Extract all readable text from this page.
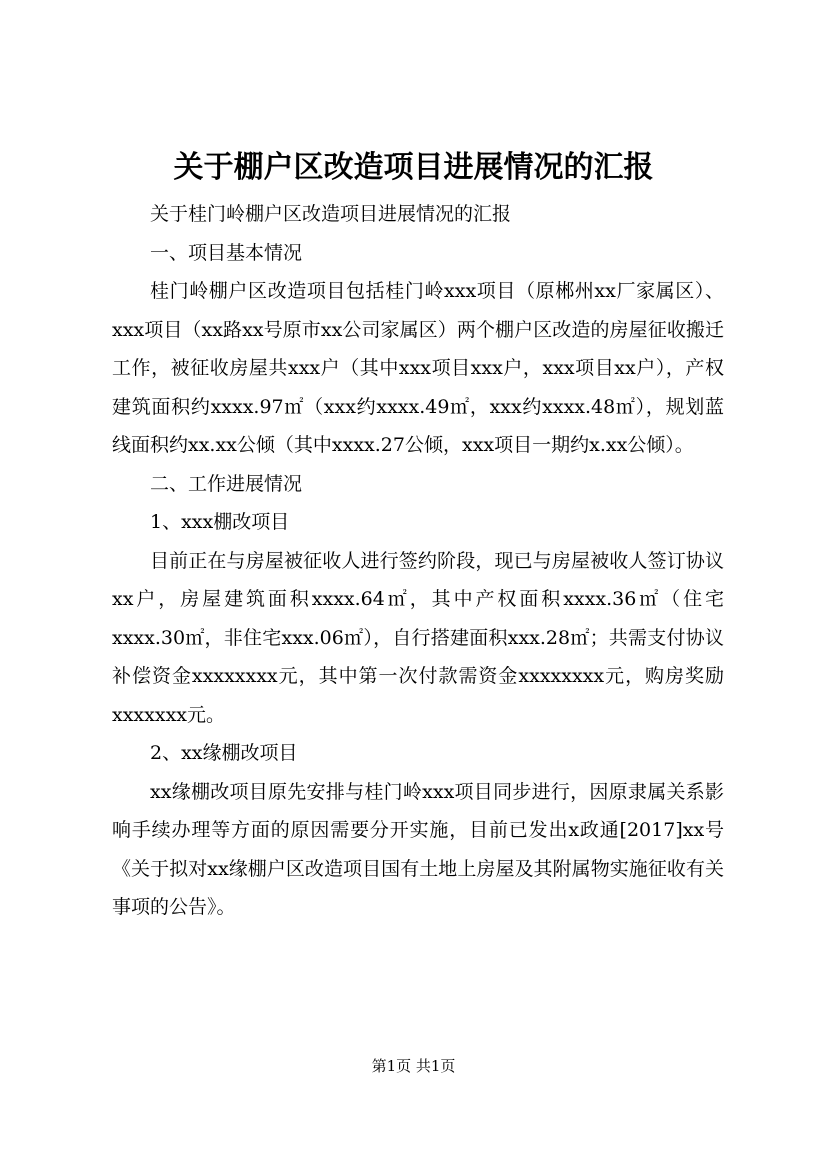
关于棚户区改造项目进展情况的汇报

关于桂门岭棚户区改造项目进展情况的汇报

一、项目基本情况

桂门岭棚户区改造项目包括桂门岭xxx项目（原郴州xx厂家属区）、xxx项目（xx路xx号原市xx公司家属区）两个棚户区改造的房屋征收搬迁工作，被征收房屋共xxx户（其中xxx项目xxx户，xxx项目xx户），产权建筑面积约xxxx.97㎡（xxx约xxxx.49㎡，xxx约xxxx.48㎡），规划蓝线面积约xx.xx公倾（其中xxxx.27公倾，xxx项目一期约x.xx公倾）。

二、工作进展情况

1、xxx棚改项目

目前正在与房屋被征收人进行签约阶段，现已与房屋被收人签订协议xx户，房屋建筑面积xxxx.64㎡，其中产权面积xxxx.36㎡（住宅xxxx.30㎡，非住宅xxx.06㎡），自行搭建面积xxx.28㎡；共需支付协议补偿资金xxxxxxxx元，其中第一次付款需资金xxxxxxxx元，购房奖励xxxxxxx元。

2、xx缘棚改项目

xx缘棚改项目原先安排与桂门岭xxx项目同步进行，因原隶属关系影响手续办理等方面的原因需要分开实施，目前已发出x政通[2017]xx号《关于拟对xx缘棚户区改造项目国有土地上房屋及其附属物实施征收有关事项的公告》。

第1页 共1页
